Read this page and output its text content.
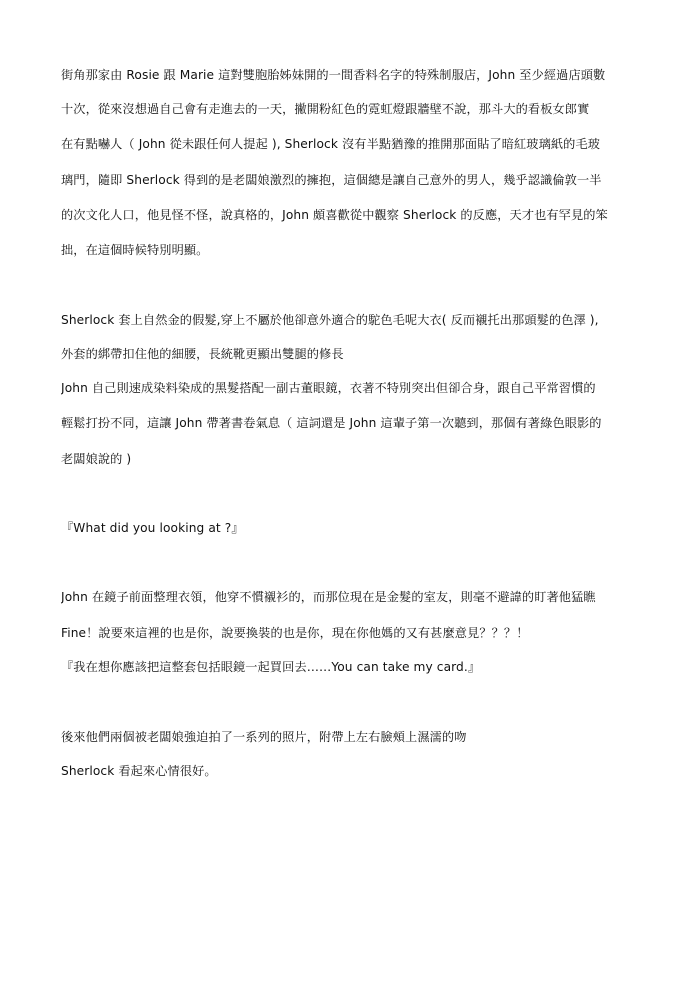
街角那家由 Rosie 跟 Marie 這對雙胞胎姊妹開的一間香料名字的特殊制服店，John 至少經過店頭數
十次，從來沒想過自己會有走進去的一天，撇開粉紅色的霓虹燈跟牆壁不說，那斗大的看板女郎實
在有點嚇人（ John 從未跟任何人提起 ), Sherlock 沒有半點猶豫的推開那面貼了暗紅玻璃紙的毛玻
璃門，隨即 Sherlock 得到的是老闆娘激烈的擁抱，這個總是讓自己意外的男人，幾乎認識倫敦一半
的次文化人口，他見怪不怪，說真格的，John 頗喜歡從中觀察 Sherlock 的反應，天才也有罕見的笨
拙，在這個時候特別明顯。
Sherlock 套上自然金的假髮,穿上不屬於他卻意外適合的駝色毛呢大衣( 反而襯托出那頭髮的色澤 ),
外套的綁帶扣住他的細腰，長統靴更顯出雙腿的修長
John 自己則速成染料染成的黑髮搭配一副古董眼鏡，衣著不特別突出但卻合身，跟自己平常習慣的
輕鬆打扮不同，這讓 John 帶著書卷氣息（ 這詞還是 John 這輩子第一次聽到，那個有著綠色眼影的
老闆娘說的 )
『What did you looking at ?』
John 在鏡子前面整理衣領，他穿不慣襯衫的，而那位現在是金髮的室友，則毫不避諱的盯著他猛瞧
Fine！說要來這裡的也是你，說要換裝的也是你，現在你他媽的又有甚麼意見？？？！
『我在想你應該把這整套包括眼鏡一起買回去……You can take my card.』
後來他們兩個被老闆娘強迫拍了一系列的照片，附帶上左右臉頰上濕濡的吻
Sherlock 看起來心情很好。
